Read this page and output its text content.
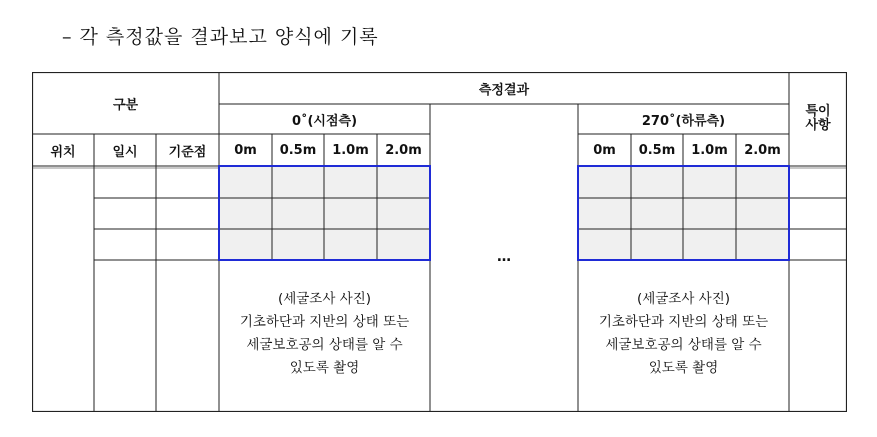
– 각 측정값을 결과보고 양식에 기록
구분
측정결과
특이
사항
0˚(시점측)	270˚(하류측)
위치	일시	기준점	0m	0.5m	1.0m	2.0m	0m	0.5m	1.0m	2.0m
…
(세굴조사 사진)
기초하단과 지반의 상태 또는
세굴보호공의 상태를 알 수
있도록 촬영
(세굴조사 사진)
기초하단과 지반의 상태 또는
세굴보호공의 상태를 알 수
있도록 촬영
